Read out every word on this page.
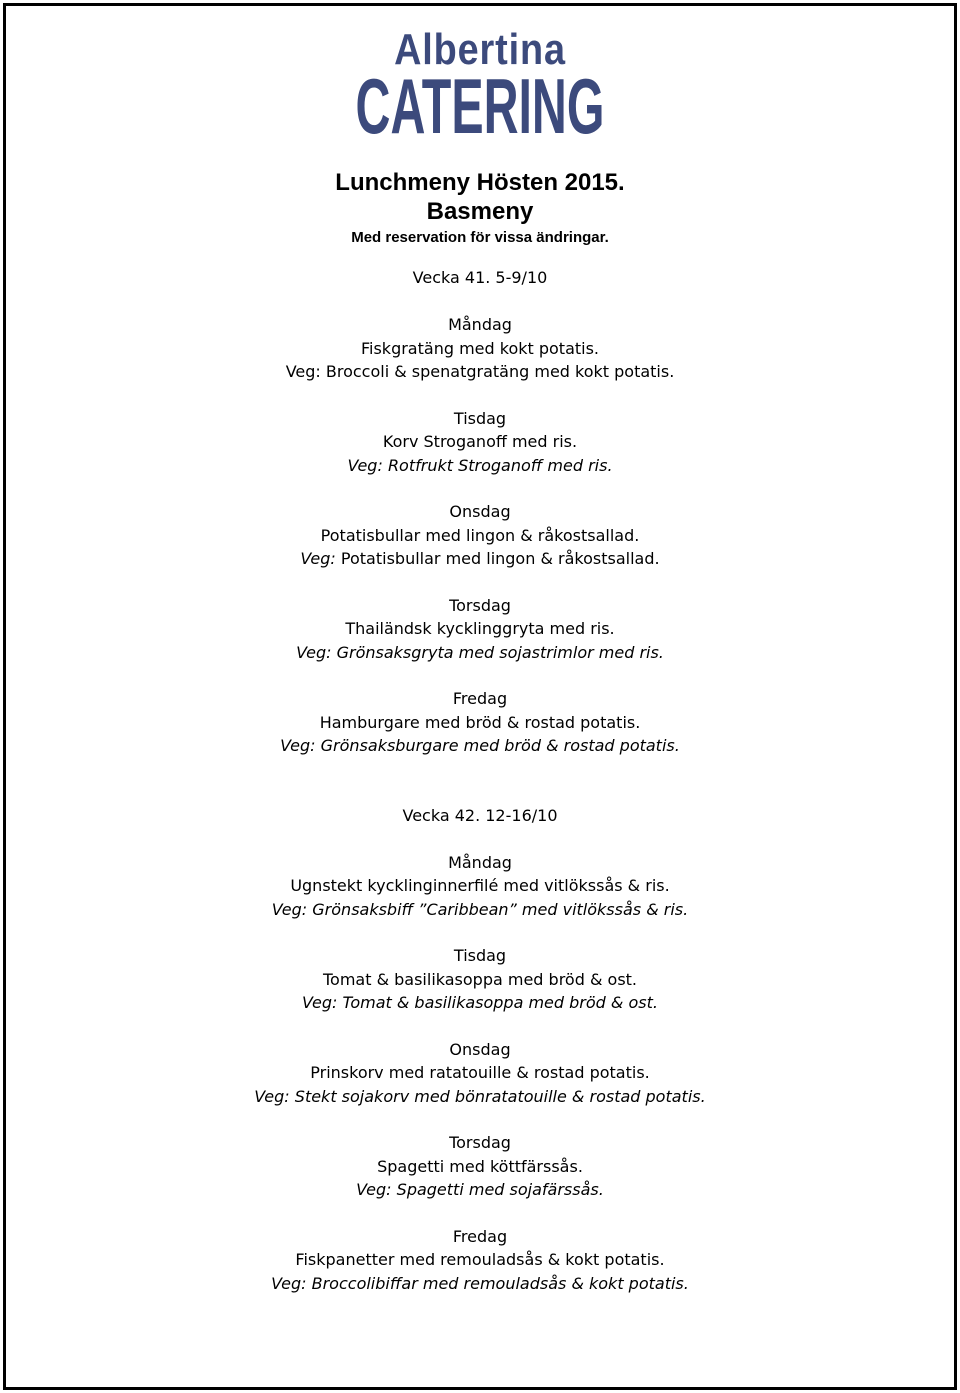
Albertina
CATERING
Lunchmeny Hösten 2015.
Basmeny
Med reservation för vissa ändringar.
Vecka 41. 5-9/10
Måndag
Fiskgratäng med kokt potatis.
Veg: Broccoli & spenatgratäng med kokt potatis.
Tisdag
Korv Stroganoff med ris.
Veg: Rotfrukt Stroganoff med ris.
Onsdag
Potatisbullar med lingon & råkostsallad.
Veg: Potatisbullar med lingon & råkostsallad.
Torsdag
Thailändsk kycklinggryta med ris.
Veg: Grönsaksgryta med sojastrimlor med ris.
Fredag
Hamburgare med bröd & rostad potatis.
Veg: Grönsaksburgare med bröd & rostad potatis.
Vecka 42. 12-16/10
Måndag
Ugnstekt kycklinginnerfilé med vitlökssås & ris.
Veg: Grönsaksbiff ”Caribbean” med vitlökssås & ris.
Tisdag
Tomat & basilikasoppa med bröd & ost.
Veg: Tomat & basilikasoppa med bröd & ost.
Onsdag
Prinskorv med ratatouille & rostad potatis.
Veg: Stekt sojakorv med bönratatouille & rostad potatis.
Torsdag
Spagetti med köttfärssås.
Veg: Spagetti med sojafärssås.
Fredag
Fiskpanetter med remouladsås & kokt potatis.
Veg: Broccolibiffar med remouladsås & kokt potatis.
